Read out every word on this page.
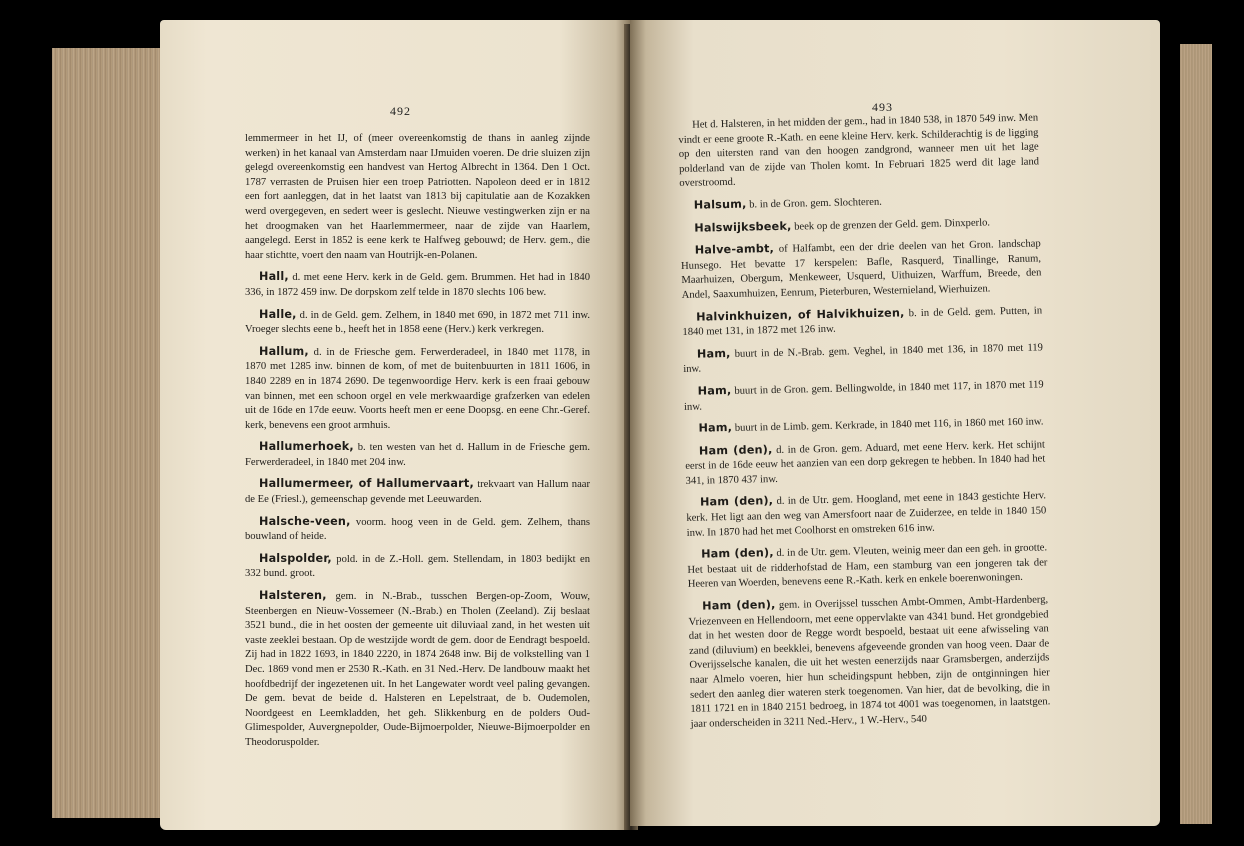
492

lemmermeer in het IJ, of (meer overeenkomstig de thans in aanleg zijnde werken) in het kanaal van Amsterdam naar IJmuiden voeren. De drie sluizen zijn gelegd overeenkomstig een handvest van Hertog Albrecht in 1364. Den 1 Oct. 1787 verrasten de Pruisen hier een troep Patriotten. Napoleon deed er in 1812 een fort aanleggen, dat in het laatst van 1813 bij capitulatie aan de Kozakken werd overgegeven, en sedert weer is geslecht. Nieuwe vestingwerken zijn er na het droogmaken van het Haarlemmermeer, naar de zijde van Haarlem, aangelegd. Eerst in 1852 is eene kerk te Halfweg gebouwd; de Herv. gem., die haar stichtte, voert den naam van Houtrijk-en-Polanen.

Hall, d. met eene Herv. kerk in de Geld. gem. Brummen. Het had in 1840 336, in 1872 459 inw. De dorpskom zelf telde in 1870 slechts 106 bew.

Halle, d. in de Geld. gem. Zelhem, in 1840 met 690, in 1872 met 711 inw. Vroeger slechts eene b., heeft het in 1858 eene (Herv.) kerk verkregen.

Hallum, d. in de Friesche gem. Ferwerderadeel, in 1840 met 1178, in 1870 met 1285 inw. binnen de kom, of met de buitenbuurten in 1811 1606, in 1840 2289 en in 1874 2690. De tegenwoordige Herv. kerk is een fraai gebouw van binnen, met een schoon orgel en vele merkwaardige grafzerken van edelen uit de 16de en 17de eeuw. Voorts heeft men er eene Doopsg. en eene Chr.-Geref. kerk, benevens een groot armhuis.

Hallumerhoek, b. ten westen van het d. Hallum in de Friesche gem. Ferwerderadeel, in 1840 met 204 inw.

Hallumermeer, of Hallumervaart, trekvaart van Hallum naar de Ee (Friesl.), gemeenschap gevende met Leeuwarden.

Halsche-veen, voorm. hoog veen in de Geld. gem. Zelhem, thans bouwland of heide.

Halspolder, pold. in de Z.-Holl. gem. Stellendam, in 1803 bedijkt en 332 bund. groot.

Halsteren, gem. in N.-Brab., tusschen Bergen-op-Zoom, Wouw, Steenbergen en Nieuw-Vossemeer (N.-Brab.) en Tholen (Zeeland). Zij beslaat 3521 bund., die in het oosten der gemeente uit diluviaal zand, in het westen uit vaste zeeklei bestaan. Op de westzijde wordt de gem. door de Eendragt bespoeld. Zij had in 1822 1693, in 1840 2220, in 1874 2648 inw. Bij de volkstelling van 1 Dec. 1869 vond men er 2530 R.-Kath. en 31 Ned.-Herv. De landbouw maakt het hoofdbedrijf der ingezetenen uit. In het Langewater wordt veel paling gevangen. De gem. bevat de beide d. Halsteren en Lepelstraat, de b. Oudemolen, Noordgeest en Leemkladden, het geh. Slikkenburg en de polders Oud-Glimespolder, Auvergnepolder, Oude-Bijmoerpolder, Nieuwe-Bijmoerpolder en Theodoruspolder.

493

Het d. Halsteren, in het midden der gem., had in 1840 538, in 1870 549 inw. Men vindt er eene groote R.-Kath. en eene kleine Herv. kerk. Schilderachtig is de ligging op den uitersten rand van den hoogen zandgrond, wanneer men uit het lage polderland van de zijde van Tholen komt. In Februari 1825 werd dit lage land overstroomd.

Halsum, b. in de Gron. gem. Slochteren.

Halswijksbeek, beek op de grenzen der Geld. gem. Dinxperlo.

Halve-ambt, of Halfambt, een der drie deelen van het Gron. landschap Hunsego. Het bevatte 17 kerspelen: Bafle, Rasquerd, Tinallinge, Ranum, Maarhuizen, Obergum, Menkeweer, Usquerd, Uithuizen, Warffum, Breede, den Andel, Saaxumhuizen, Eenrum, Pieterburen, Westernieland, Wierhuizen.

Halvinkhuizen, of Halvikhuizen, b. in de Geld. gem. Putten, in 1840 met 131, in 1872 met 126 inw.

Ham, buurt in de N.-Brab. gem. Veghel, in 1840 met 136, in 1870 met 119 inw.

Ham, buurt in de Gron. gem. Bellingwolde, in 1840 met 117, in 1870 met 119 inw.

Ham, buurt in de Limb. gem. Kerkrade, in 1840 met 116, in 1860 met 160 inw.

Ham (den), d. in de Gron. gem. Aduard, met eene Herv. kerk. Het schijnt eerst in de 16de eeuw het aanzien van een dorp gekregen te hebben. In 1840 had het 341, in 1870 437 inw.

Ham (den), d. in de Utr. gem. Hoogland, met eene in 1843 gestichte Herv. kerk. Het ligt aan den weg van Amersfoort naar de Zuiderzee, en telde in 1840 150 inw. In 1870 had het met Coolhorst en omstreken 616 inw.

Ham (den), d. in de Utr. gem. Vleuten, weinig meer dan een geh. in grootte. Het bestaat uit de ridderhofstad de Ham, een stamburg van een jongeren tak der Heeren van Woerden, benevens eene R.-Kath. kerk en enkele boerenwoningen.

Ham (den), gem. in Overijssel tusschen Ambt-Ommen, Ambt-Hardenberg, Vriezenveen en Hellendoorn, met eene oppervlakte van 4341 bund. Het grondgebied dat in het westen door de Regge wordt bespoeld, bestaat uit eene afwisseling van zand (diluvium) en beekklei, benevens afgeveende gronden van hoog veen. Daar de Overijsselsche kanalen, die uit het westen eenerzijds naar Gramsbergen, anderzijds naar Almelo voeren, hier hun scheidingspunt hebben, zijn de ontginningen hier sedert den aanleg dier wateren sterk toegenomen. Van hier, dat de bevolking, die in 1811 1721 en in 1840 2151 bedroeg, in 1874 tot 4001 was toegenomen, in laatstgen. jaar onderscheiden in 3211 Ned.-Herv., 1 W.-Herv., 540
